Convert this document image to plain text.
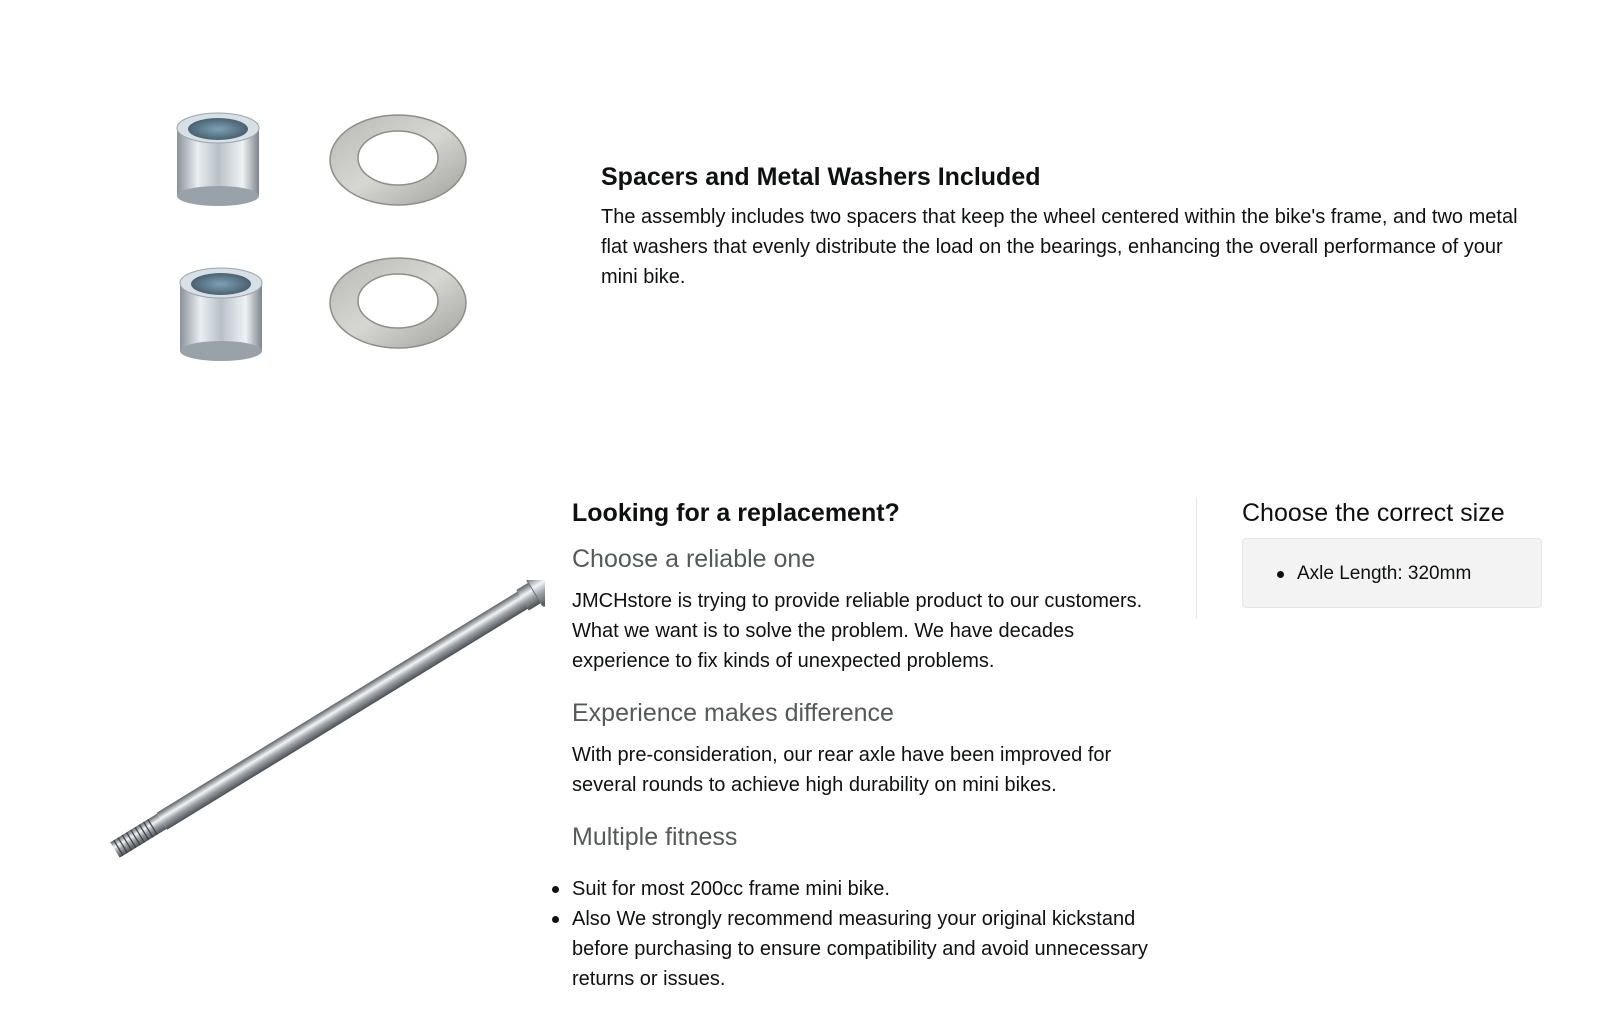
Spacers and Metal Washers Included

The assembly includes two spacers that keep the wheel centered within the bike's frame, and two metal flat washers that evenly distribute the load on the bearings, enhancing the overall performance of your mini bike.

Looking for a replacement?
Choose a reliable one

JMCHstore is trying to provide reliable product to our customers. What we want is to solve the problem. We have decades experience to fix kinds of unexpected problems.

Experience makes difference

With pre-consideration, our rear axle have been improved for several rounds to achieve high durability on mini bikes.

Multiple fitness
Suit for most 200cc frame mini bike.
Also We strongly recommend measuring your original kickstand before purchasing to ensure compatibility and avoid unnecessary returns or issues.
Choose the correct size
Axle Length: 320mm
